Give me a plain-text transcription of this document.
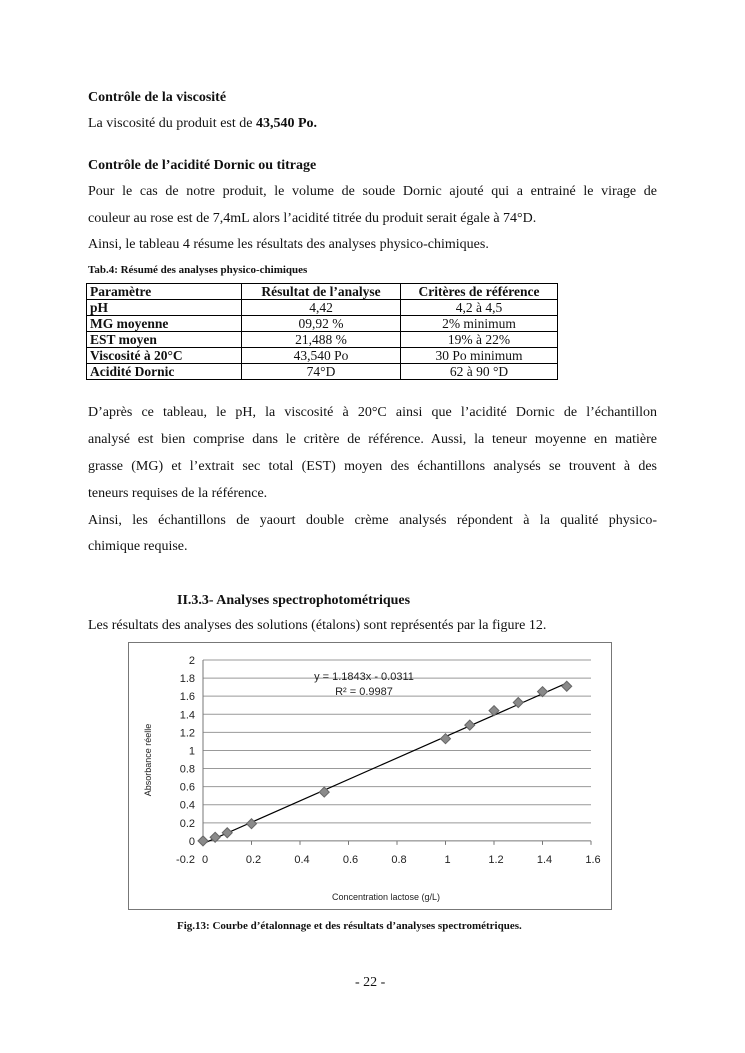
Contrôle de la viscosité
La viscosité du produit est de 43,540 Po.
Contrôle de l’acidité Dornic ou titrage
Pour le cas de notre produit, le volume de soude Dornic ajouté qui a entrainé le virage de
couleur au rose est de 7,4mL alors l’acidité titrée du produit serait égale à 74°D.
Ainsi, le tableau 4 résume les résultats des analyses physico-chimiques.
Tab.4: Résumé des analyses physico-chimiques
Paramètre	Résultat de l’analyse	Critères de référence
pH	4,42	4,2 à 4,5
MG moyenne	09,92 %	2% minimum
EST moyen	21,488 %	19% à 22%
Viscosité à 20°C	43,540 Po	30 Po minimum
Acidité Dornic	74°D	62 à 90 °D
D’après ce tableau, le pH, la viscosité à 20°C ainsi que l’acidité Dornic de l’échantillon
analysé est bien comprise dans le critère de référence. Aussi, la teneur moyenne en matière
grasse (MG) et l’extrait sec total (EST) moyen des échantillons analysés se trouvent à des
teneurs requises de la référence.
Ainsi, les échantillons de yaourt double crème analysés répondent à la qualité physico-
chimique requise.
II.3.3- Analyses spectrophotométriques
Les résultats des analyses des solutions (étalons) sont représentés par la figure 12.
-0.2
0
0.2
0.4
0.6
0.8
1
1.2
1.4
1.6
1.8
2
0	0.2	0.4	0.6	0.8	1	1.2	1.4	1.6
y = 1.1843x - 0.0311
R² = 0.9987
Concentration lactose (g/L)
Absorbance réelle
Fig.13: Courbe d’étalonnage et des résultats d’analyses spectrométriques.
- 22 -
